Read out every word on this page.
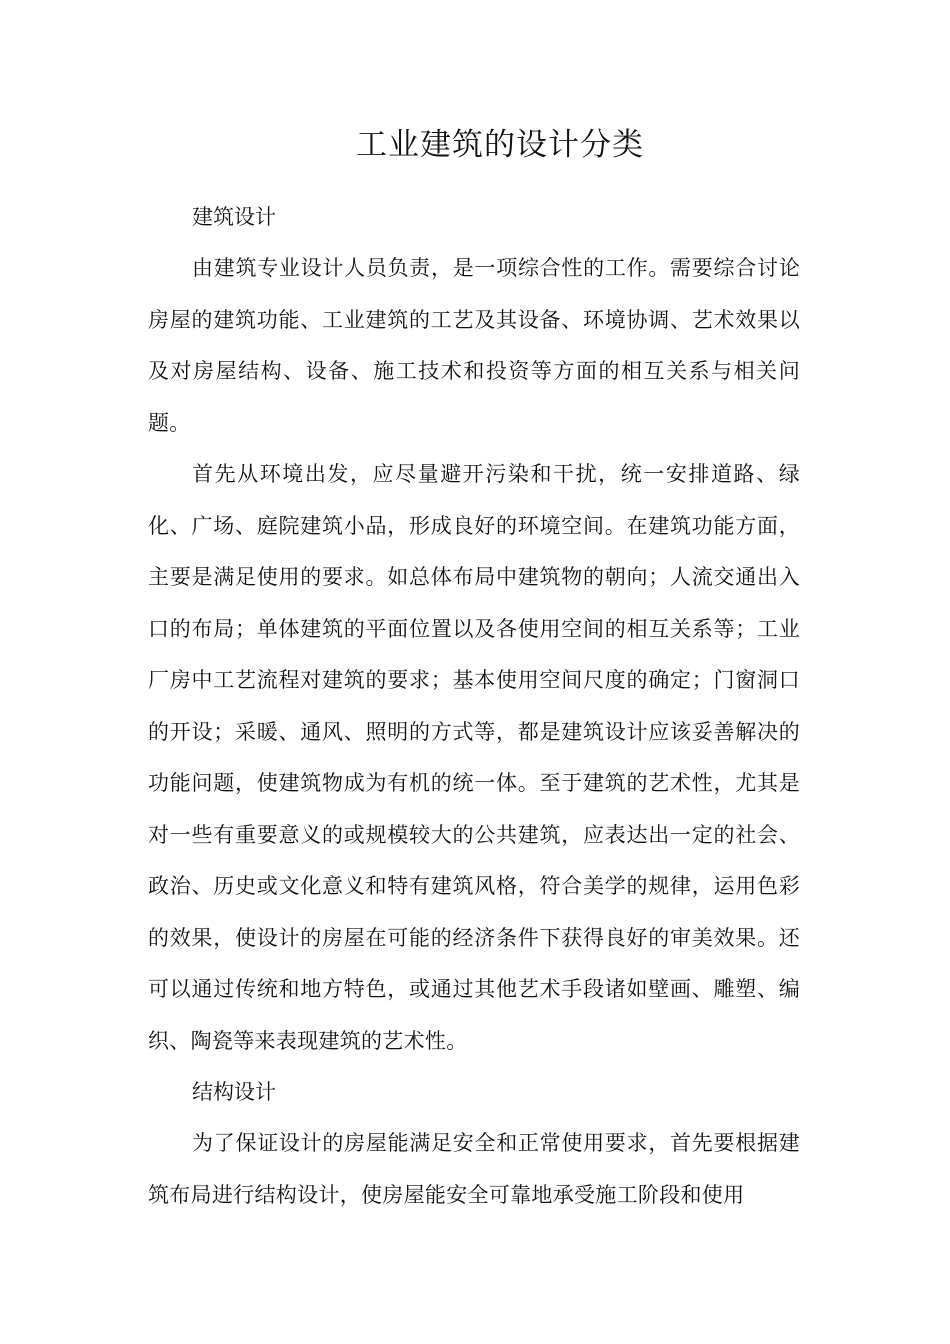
工业建筑的设计分类
建筑设计

由建筑专业设计人员负责，是一项综合性的工作。需要综合讨论房屋的建筑功能、工业建筑的工艺及其设备、环境协调、艺术效果以及对房屋结构、设备、施工技术和投资等方面的相互关系与相关问题。

首先从环境出发，应尽量避开污染和干扰，统一安排道路、绿化、广场、庭院建筑小品，形成良好的环境空间。在建筑功能方面，主要是满足使用的要求。如总体布局中建筑物的朝向；人流交通出入口的布局；单体建筑的平面位置以及各使用空间的相互关系等；工业厂房中工艺流程对建筑的要求；基本使用空间尺度的确定；门窗洞口的开设；采暖、通风、照明的方式等，都是建筑设计应该妥善解决的功能问题，使建筑物成为有机的统一体。至于建筑的艺术性，尤其是对一些有重要意义的或规模较大的公共建筑，应表达出一定的社会、政治、历史或文化意义和特有建筑风格，符合美学的规律，运用色彩的效果，使设计的房屋在可能的经济条件下获得良好的审美效果。还可以通过传统和地方特色，或通过其他艺术手段诸如壁画、雕塑、编织、陶瓷等来表现建筑的艺术性。

结构设计

为了保证设计的房屋能满足安全和正常使用要求，首先要根据建筑布局进行结构设计，使房屋能安全可靠地承受施工阶段和使用
